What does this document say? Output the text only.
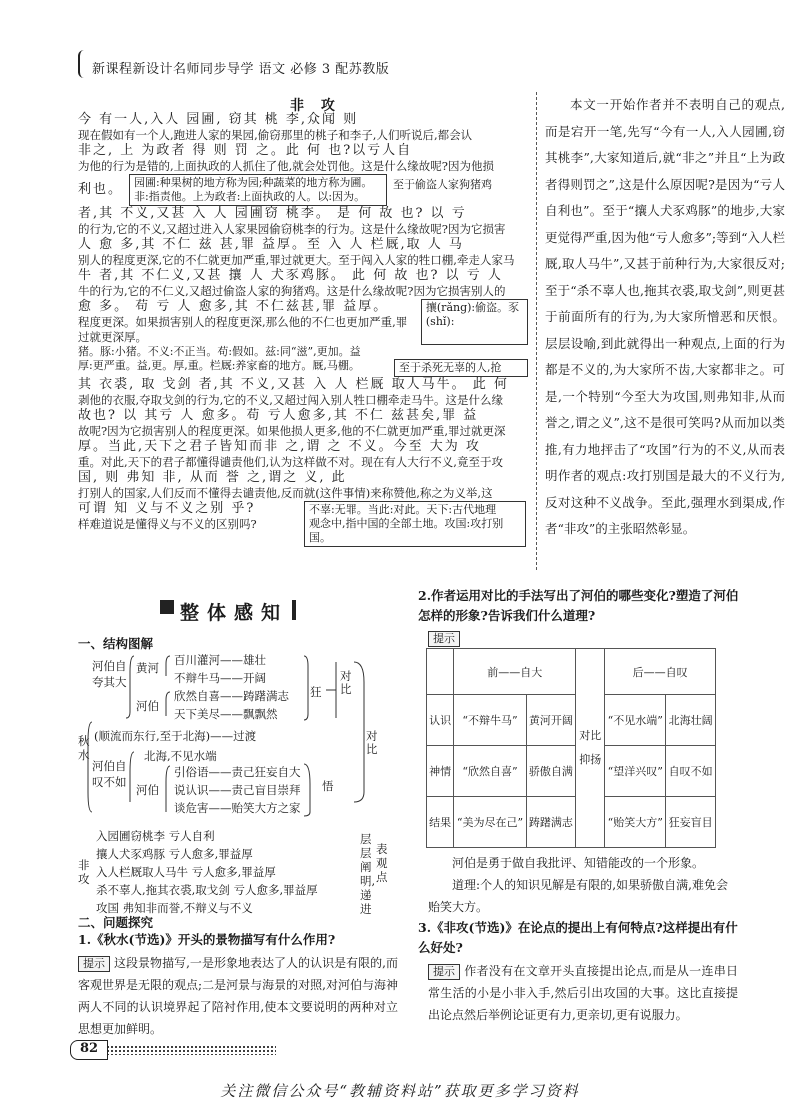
新课程新设计名师同步导学 语文 必修 3 配苏教版
非 攻
今 有一人,入人 园圃, 窃其 桃 李,众闻 则
现在假如有一个人,跑进人家的果园,偷窃那里的桃子和李子,人们听说后,都会认
非之, 上 为政者 得 则 罚 之。此 何 也?以亏人自
为他的行为是错的,上面执政的人抓住了他,就会处罚他。这是什么缘故呢?因为他损
利也。 园圃:种果树的地方称为园;种蔬菜的地方称为圃。
非:指责他。上为政者:上面执政的人。以:因为。
至于偷盗人家狗猪鸡
者,其 不义,又甚 入 人 园圃窃 桃李。 是 何 故 也? 以 亏
的行为,它的不义,又超过进入人家果园偷窃桃李的行为。这是什么缘故呢?因为它损害
人 愈 多,其 不仁 兹 甚,罪 益厚。至 入 人 栏厩,取 人 马
别人的程度更深,它的不仁就更加严重,罪过就更大。至于闯入人家的牲口棚,牵走人家马
牛 者,其 不仁义,又甚 攘 人 犬豕鸡豚。 此 何 故 也? 以 亏 人
牛的行为,它的不仁义,又超过偷盗人家的狗猪鸡。这是什么缘故呢?因为它损害别人的
愈 多。 苟 亏 人 愈多,其 不仁兹甚,罪 益厚。
程度更深。如果损害别人的程度更深,那么他的不仁也更加严重,罪过就更深厚。
攘(rǎng):偷盗。豕(shǐ):
猪。豚:小猪。不义:不正当。苟:假如。兹:同“滋”,更加。益
厚:更严重。益,更。厚,重。栏厩:养家畜的地方。厩,马棚。	至于杀死无辜的人,抢
其 衣裘, 取 戈剑 者,其 不义,又甚 入 人 栏厩 取人马牛。 此 何
剥他的衣服,夺取戈剑的行为,它的不义,又超过闯入别人牲口棚牵走马牛。这是什么缘
故也? 以 其亏 人 愈多。苟 亏人愈多,其 不仁 兹甚矣,罪 益
故呢?因为它损害别人的程度更深。如果他损人更多,他的不仁就更加严重,罪过就更深
厚。当此,天下之君子皆知而非 之,谓 之 不义。今至 大为 攻
重。对此,天下的君子都懂得谴责他们,认为这样做不对。现在有人大行不义,竟至于攻
国, 则 弗知 非, 从而 誉 之,谓之 义, 此
打别人的国家,人们反而不懂得去谴责他,反而就(这件事情)来称赞他,称之为义举,这
可谓 知 义与不义之别 乎?
样难道说是懂得义与不义的区别吗?
不辜:无罪。当此:对此。天下:古代地理
观念中,指中国的全部土地。攻国:攻打别国。
本文一开始作者并不表明自己的观点,而是宕开一笔,先写“今有一人,入人园圃,窃其桃李”,大家知道后,就“非之”并且“上为政者得则罚之”,这是什么原因呢?是因为“亏人自利也”。至于“攘人犬豕鸡豚”的地步,大家更觉得严重,因为他“亏人愈多”;等到“入人栏厩,取人马牛”,又甚于前种行为,大家很反对;至于“杀不辜人也,拖其衣裘,取戈剑”,则更甚于前面所有的行为,为大家所憎恶和厌恨。层层设喻,到此就得出一种观点,上面的行为都是不义的,为大家所不齿,大家都非之。可是,一个特别“今至大为攻国,则弗知非,从而誉之,谓之义”,这不是很可笑吗?从而加以类推,有力地抨击了“攻国”行为的不义,从而表明作者的观点:攻打别国是最大的不义行为,反对这种不义战争。至此,强理水到渠成,作者“非攻”的主张昭然彰显。
整体感知
一、结构图解
秋水
河伯自夸其大
黄河
河伯
百川灌河——雄壮
不辩牛马——开阔
欣然自喜——踌躇满志
天下美尽——飘飘然
狂
对比
对比
(顺流而东行,至于北海)——过渡
河伯自叹不如
北海,不见水端
河伯
引俗语——责己狂妄自大
说认识——责己盲目崇拜
谈危害——贻笑大方之家
悟
非攻
入园圃窃桃李 亏人自利
攘人犬豕鸡豚 亏人愈多,罪益厚
入人栏厩取人马牛 亏人愈多,罪益厚
杀不辜人,拖其衣裘,取戈剑 亏人愈多,罪益厚
攻国 弗知非而誉,不辩义与不义
层层阐明,递进
表观点
二、问题探究
1.《秋水(节选)》开头的景物描写有什么作用?
提示 这段景物描写,一是形象地表达了人的认识是有限的,而客观世界是无限的观点;二是河景与海景的对照,对河伯与海神两人不同的认识境界起了陪衬作用,使本文要说明的两种对立思想更加鲜明。
2.作者运用对比的手法写出了河伯的哪些变化?塑造了河伯怎样的形象?告诉我们什么道理?
提示
	前——自大		对比抑扬	后——自叹	
认识	“不辩牛马”	黄河开阔		“不见水端”	北海壮阔
神情	“欣然自喜”	骄傲自满		“望洋兴叹”	自叹不如
结果	“美为尽在己”	踌躇满志		“贻笑大方”	狂妄盲目
河伯是勇于做自我批评、知错能改的一个形象。
道理:个人的知识见解是有限的,如果骄傲自满,难免会贻笑大方。
3.《非攻(节选)》在论点的提出上有何特点?这样提出有什么好处?
提示 作者没有在文章开头直接提出论点,而是从一连串日常生活的小是小非入手,然后引出攻国的大事。这比直接提出论点然后举例论证更有力,更亲切,更有说服力。
82
关注微信公众号“教辅资料站”获取更多学习资料
